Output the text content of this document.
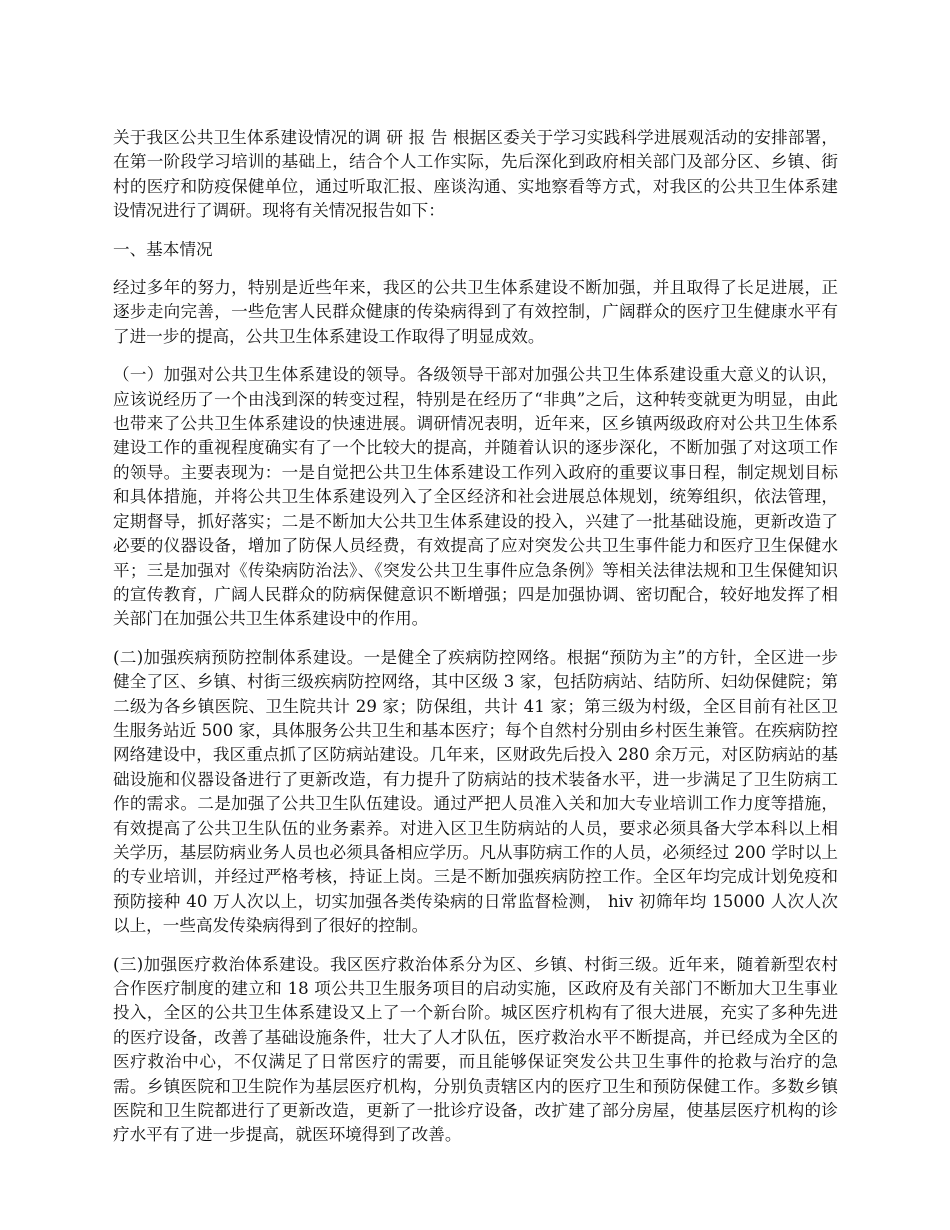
关于我区公共卫生体系建设情况的调 研 报 告 根据区委关于学习实践科学进展观活动的安排部署，在第一阶段学习培训的基础上，结合个人工作实际，先后深化到政府相关部门及部分区、乡镇、街村的医疗和防疫保健单位，通过听取汇报、座谈沟通、实地察看等方式，对我区的公共卫生体系建设情况进行了调研。现将有关情况报告如下：

一、基本情况

经过多年的努力，特别是近些年来，我区的公共卫生体系建设不断加强，并且取得了长足进展，正逐步走向完善，一些危害人民群众健康的传染病得到了有效控制，广阔群众的医疗卫生健康水平有了进一步的提高，公共卫生体系建设工作取得了明显成效。

（一）加强对公共卫生体系建设的领导。各级领导干部对加强公共卫生体系建设重大意义的认识，应该说经历了一个由浅到深的转变过程，特别是在经历了“非典”之后，这种转变就更为明显，由此也带来了公共卫生体系建设的快速进展。调研情况表明，近年来，区乡镇两级政府对公共卫生体系建设工作的重视程度确实有了一个比较大的提高，并随着认识的逐步深化，不断加强了对这项工作的领导。主要表现为：一是自觉把公共卫生体系建设工作列入政府的重要议事日程，制定规划目标和具体措施，并将公共卫生体系建设列入了全区经济和社会进展总体规划，统筹组织，依法管理，定期督导，抓好落实；二是不断加大公共卫生体系建设的投入，兴建了一批基础设施，更新改造了必要的仪器设备，增加了防保人员经费，有效提高了应对突发公共卫生事件能力和医疗卫生保健水平；三是加强对《传染病防治法》、《突发公共卫生事件应急条例》等相关法律法规和卫生保健知识的宣传教育，广阔人民群众的防病保健意识不断增强；四是加强协调、密切配合，较好地发挥了相关部门在加强公共卫生体系建设中的作用。

(二)加强疾病预防控制体系建设。一是健全了疾病防控网络。根据“预防为主”的方针，全区进一步健全了区、乡镇、村街三级疾病防控网络，其中区级 3 家，包括防病站、结防所、妇幼保健院；第二级为各乡镇医院、卫生院共计 29 家；防保组，共计 41 家；第三级为村级，全区目前有社区卫生服务站近 500 家，具体服务公共卫生和基本医疗；每个自然村分别由乡村医生兼管。在疾病防控网络建设中，我区重点抓了区防病站建设。几年来，区财政先后投入 280 余万元，对区防病站的基础设施和仪器设备进行了更新改造，有力提升了防病站的技术装备水平，进一步满足了卫生防病工作的需求。二是加强了公共卫生队伍建设。通过严把人员准入关和加大专业培训工作力度等措施，有效提高了公共卫生队伍的业务素养。对进入区卫生防病站的人员，要求必须具备大学本科以上相关学历，基层防病业务人员也必须具备相应学历。凡从事防病工作的人员，必须经过 200 学时以上的专业培训，并经过严格考核，持证上岗。三是不断加强疾病防控工作。全区年均完成计划免疫和预防接种 40 万人次以上，切实加强各类传染病的日常监督检测， hiv 初筛年均 15000 人次人次以上，一些高发传染病得到了很好的控制。

(三)加强医疗救治体系建设。我区医疗救治体系分为区、乡镇、村街三级。近年来，随着新型农村合作医疗制度的建立和 18 项公共卫生服务项目的启动实施，区政府及有关部门不断加大卫生事业投入，全区的公共卫生体系建设又上了一个新台阶。城区医疗机构有了很大进展，充实了多种先进的医疗设备，改善了基础设施条件，壮大了人才队伍，医疗救治水平不断提高，并已经成为全区的医疗救治中心，不仅满足了日常医疗的需要，而且能够保证突发公共卫生事件的抢救与治疗的急需。乡镇医院和卫生院作为基层医疗机构，分别负责辖区内的医疗卫生和预防保健工作。多数乡镇医院和卫生院都进行了更新改造，更新了一批诊疗设备，改扩建了部分房屋，使基层医疗机构的诊疗水平有了进一步提高，就医环境得到了改善。
